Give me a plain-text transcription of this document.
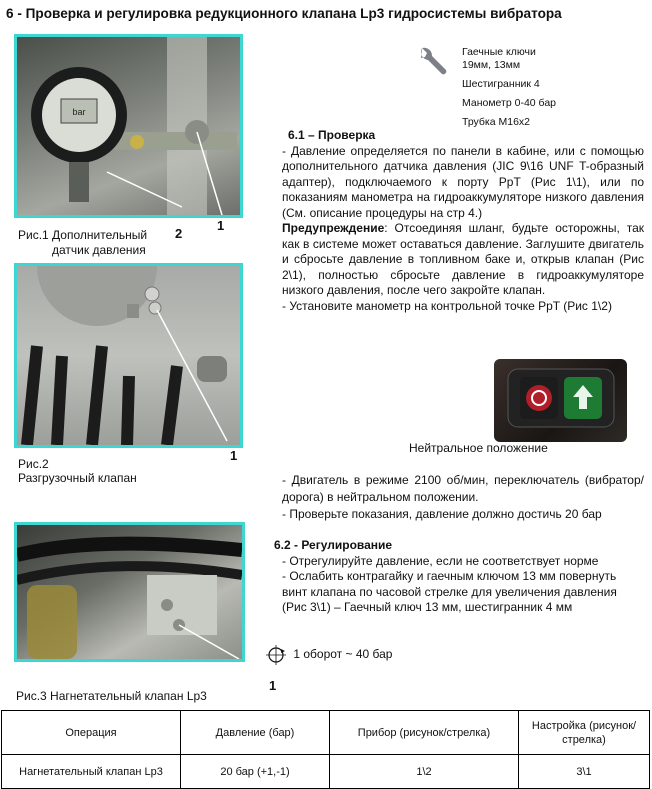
6 - Проверка и регулировка редукционного клапана Lp3 гидросистемы вибратора
bar
2
1
Рис.1 Дополнительный
датчик давления
Гаечные ключи
19мм, 13мм
Шестигранник 4
Манометр 0-40 бар
Трубка М16x2

6.1 – Проверка

- Давление определяется по панели в кабине, или с помощью дополнительного датчика давления (JIC 9\16 UNF T-образный адаптер), подключаемого к порту PpT (Рис 1\1), или по показаниям манометра на гидроаккумуляторе низкого давления (См. описание процедуры на стр 4.)

Предупреждение: Отсоединяя шланг, будьте осторожны, так как в системе может оставаться давление. Заглушите двигатель и сбросьте давление в топливном баке и, открыв клапан (Рис 2\1), полностью сбросьте давление в гидроаккумуляторе низкого давления, после чего закройте клапан.

- Установите манометр на контрольной точке PpT (Рис 1\2)

1
Рис.2
Разгрузочный клапан
Нейтральное положение

- Двигатель в режиме 2100 об/мин, переключатель (вибратор/дорога) в нейтральном положении.

- Проверьте показания, давление должно достичь 20 бар

6.2 - Регулирование

- Отрегулируйте давление, если не соответствует норме

- Ослабить контрагайку и гаечным ключом 13 мм повернуть винт клапана по часовой стрелке для увеличения давления (Рис 3\1) – Гаечный ключ 13 мм, шестигранник 4 мм

1
Рис.3 Нагнетательный клапан Lp3
1 оборот ~ 40 бар
Операция	Давление (бар)	Прибор (рисунок/стрелка)	Настройка (рисунок/стрелка)
Нагнетательный клапан Lp3	20 бар (+1,-1)	1\2	3\1
